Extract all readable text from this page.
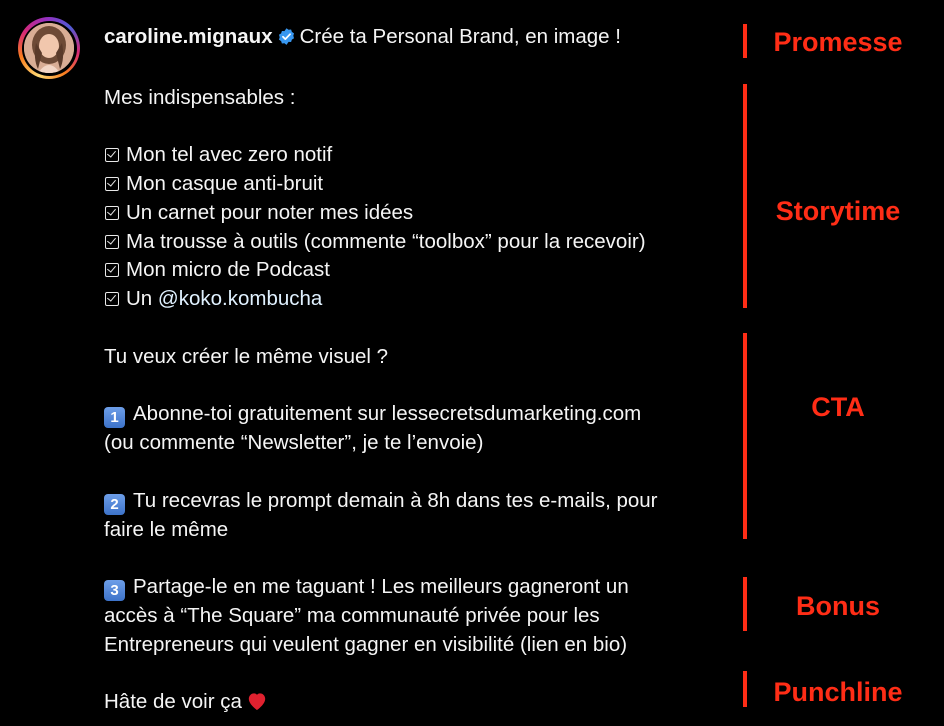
caroline.mignaux Crée ta Personal Brand, en image !
Mes indispensables :
Mon tel avec zero notif
Mon casque anti-bruit
Un carnet pour noter mes idées
Ma trousse à outils (commente “toolbox” pour la recevoir)
Mon micro de Podcast
Un @koko.kombucha
Tu veux créer le même visuel ?
1 Abonne-toi gratuitement sur lessecretsdumarketing.com
(ou commente “Newsletter”, je te l’envoie)
2 Tu recevras le prompt demain à 8h dans tes e-mails, pour
faire le même
3 Partage-le en me taguant ! Les meilleurs gagneront un
accès à “The Square” ma communauté privée pour les
Entrepreneurs qui veulent gagner en visibilité (lien en bio)
Hâte de voir ça
Promesse
Storytime
CTA
Bonus
Punchline
